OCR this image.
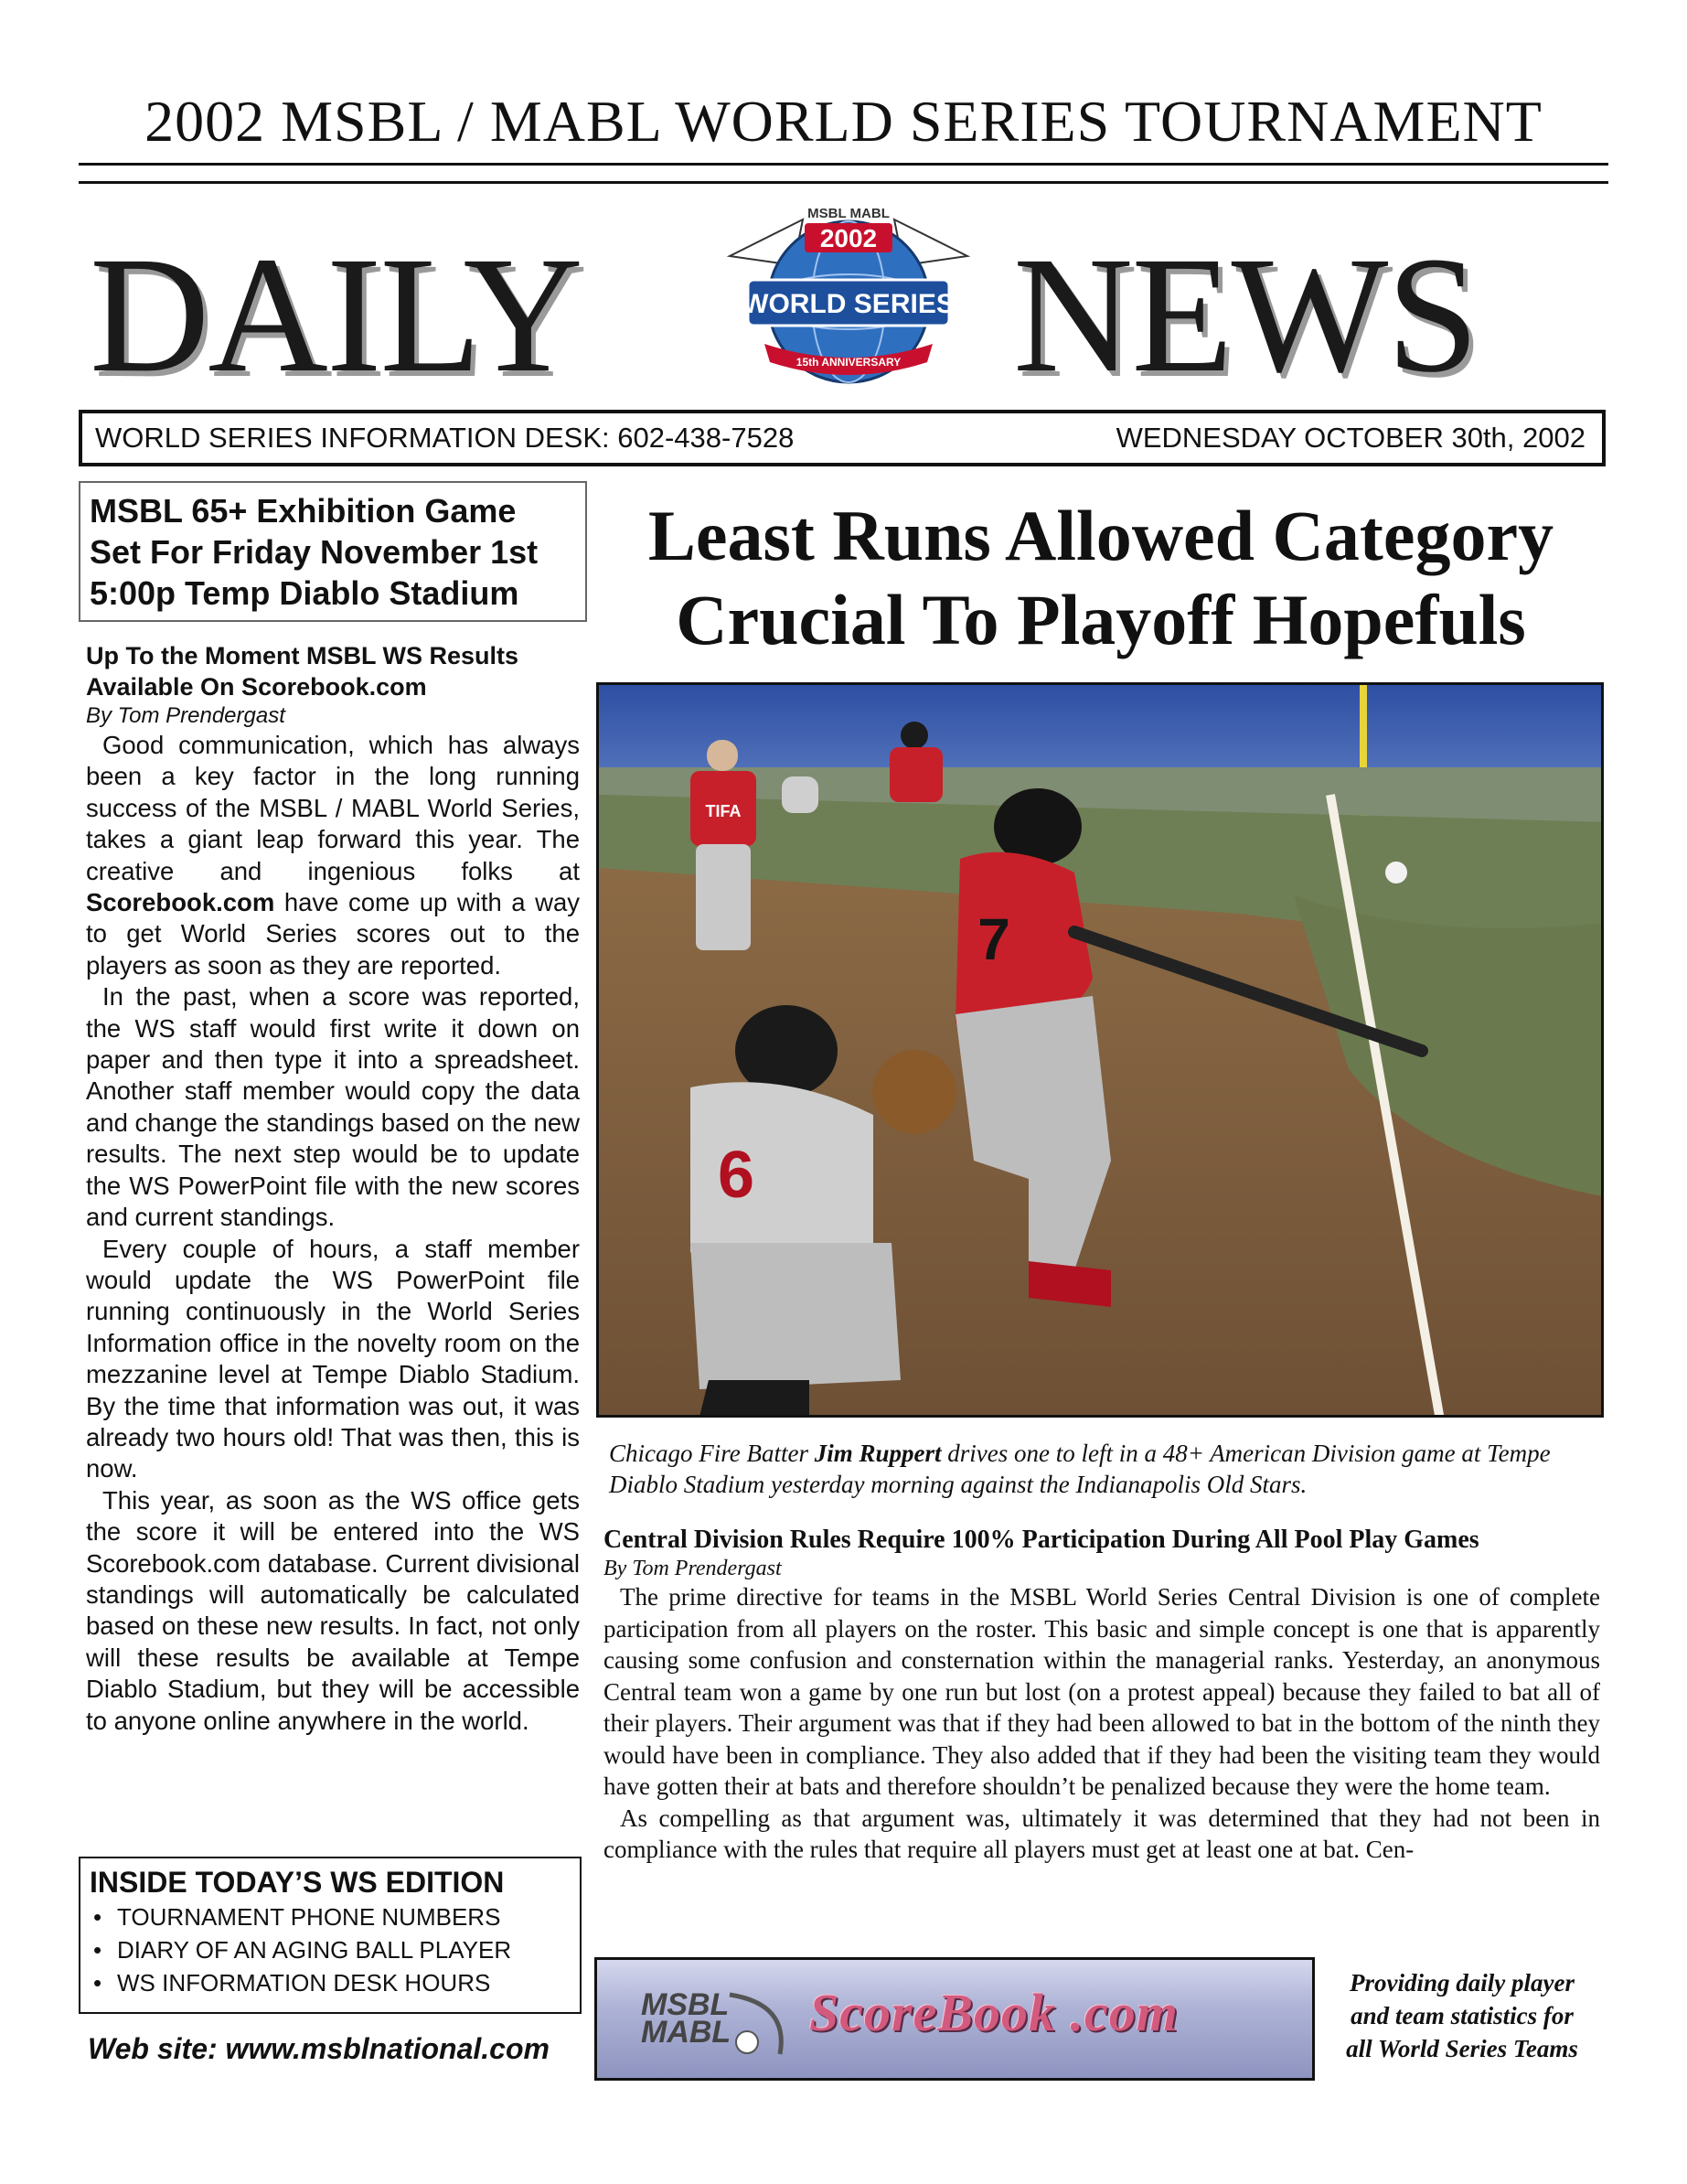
2002 MSBL / MABL WORLD SERIES TOURNAMENT
DAILY	NEWS
MSBL MABL
2002
WORLD SERIES
15th ANNIVERSARY
WORLD SERIES INFORMATION DESK: 602-438-7528	WEDNESDAY OCTOBER 30th, 2002
MSBL 65+ Exhibition Game
Set For Friday November 1st
5:00p Temp Diablo Stadium
Up To the Moment MSBL WS Results
Available On Scorebook.com
By Tom Prendergast

Good communication, which has always been a key factor in the long running success of the MSBL / MABL World Series, takes a giant leap forward this year. The creative and ingenious folks at Scorebook.com have come up with a way to get World Series scores out to the players as soon as they are reported.

In the past, when a score was reported, the WS staff would first write it down on paper and then type it into a spreadsheet. Another staff member would copy the data and change the standings based on the new results. The next step would be to update the WS PowerPoint file with the new scores and current standings.

Every couple of hours, a staff member would update the WS PowerPoint file running continuously in the World Series Information office in the novelty room on the mezzanine level at Tempe Diablo Stadium. By the time that information was out, it was already two hours old! That was then, this is now.

This year, as soon as the WS office gets the score it will be entered into the WS Scorebook.com database. Current divisional standings will automatically be calculated based on these new results. In fact, not only will these results be available at Tempe Diablo Stadium, but they will be accessible to anyone online anywhere in the world.

INSIDE TODAY’S WS EDITION
• TOURNAMENT PHONE NUMBERS
• DIARY OF AN AGING BALL PLAYER
• WS INFORMATION DESK HOURS
Web site: www.msblnational.com
Least Runs Allowed Category
Crucial To Playoff Hopefuls
TIFA
7
6
Chicago Fire Batter Jim Ruppert drives one to left in a 48+ American Division game at Tempe Diablo Stadium yesterday morning against the Indianapolis Old Stars.
Central Division Rules Require 100% Participation During All Pool Play Games
By Tom Prendergast

The prime directive for teams in the MSBL World Series Central Division is one of complete participation from all players on the roster. This basic and simple concept is one that is apparently causing some confusion and consternation within the managerial ranks. Yesterday, an anonymous Central team won a game by one run but lost (on a protest appeal) because they failed to bat all of their players. Their argument was that if they had been allowed to bat in the bottom of the ninth they would have been in compliance. They also added that if they had been the visiting team they would have gotten their at bats and therefore shouldn’t be penalized because they were the home team.

As compelling as that argument was, ultimately it was determined that they had not been in compliance with the rules that require all players must get at least one at bat. Cen-

MSBL
MABL ScoreBook .com	Providing daily player
and team statistics for
all World Series Teams
